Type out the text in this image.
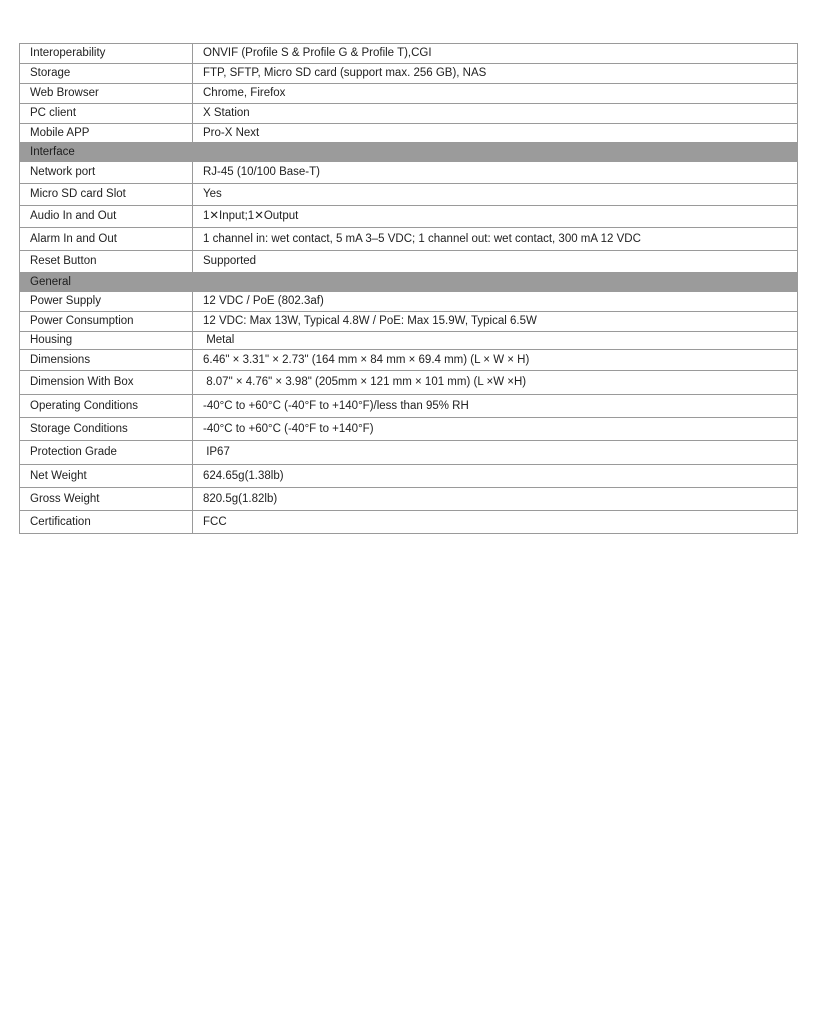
Interoperability	ONVIF (Profile S & Profile G & Profile T),CGI
Storage	FTP, SFTP, Micro SD card (support max. 256 GB), NAS
Web Browser	Chrome, Firefox
PC client	X Station
Mobile APP	Pro-X Next
Interface	
Network port	RJ-45 (10/100 Base-T)
Micro SD card Slot	Yes
Audio In and Out	1✕Input;1✕Output
Alarm In and Out	1 channel in: wet contact, 5 mA 3–5 VDC; 1 channel out: wet contact, 300 mA 12 VDC
Reset Button	Supported
General	
Power Supply	12 VDC / PoE (802.3af)
Power Consumption	12 VDC: Max 13W, Typical 4.8W / PoE: Max 15.9W, Typical 6.5W
Housing	Metal
Dimensions	6.46" × 3.31" × 2.73" (164 mm × 84 mm × 69.4 mm) (L × W × H)
Dimension With Box	8.07" × 4.76" × 3.98" (205mm × 121 mm × 101 mm) (L ×W ×H)
Operating Conditions	-40°C to +60°C (-40°F to +140°F)/less than 95% RH
Storage Conditions	-40°C to +60°C (-40°F to +140°F)
Protection Grade	IP67
Net Weight	624.65g(1.38lb)
Gross Weight	820.5g(1.82lb)
Certification	FCC
